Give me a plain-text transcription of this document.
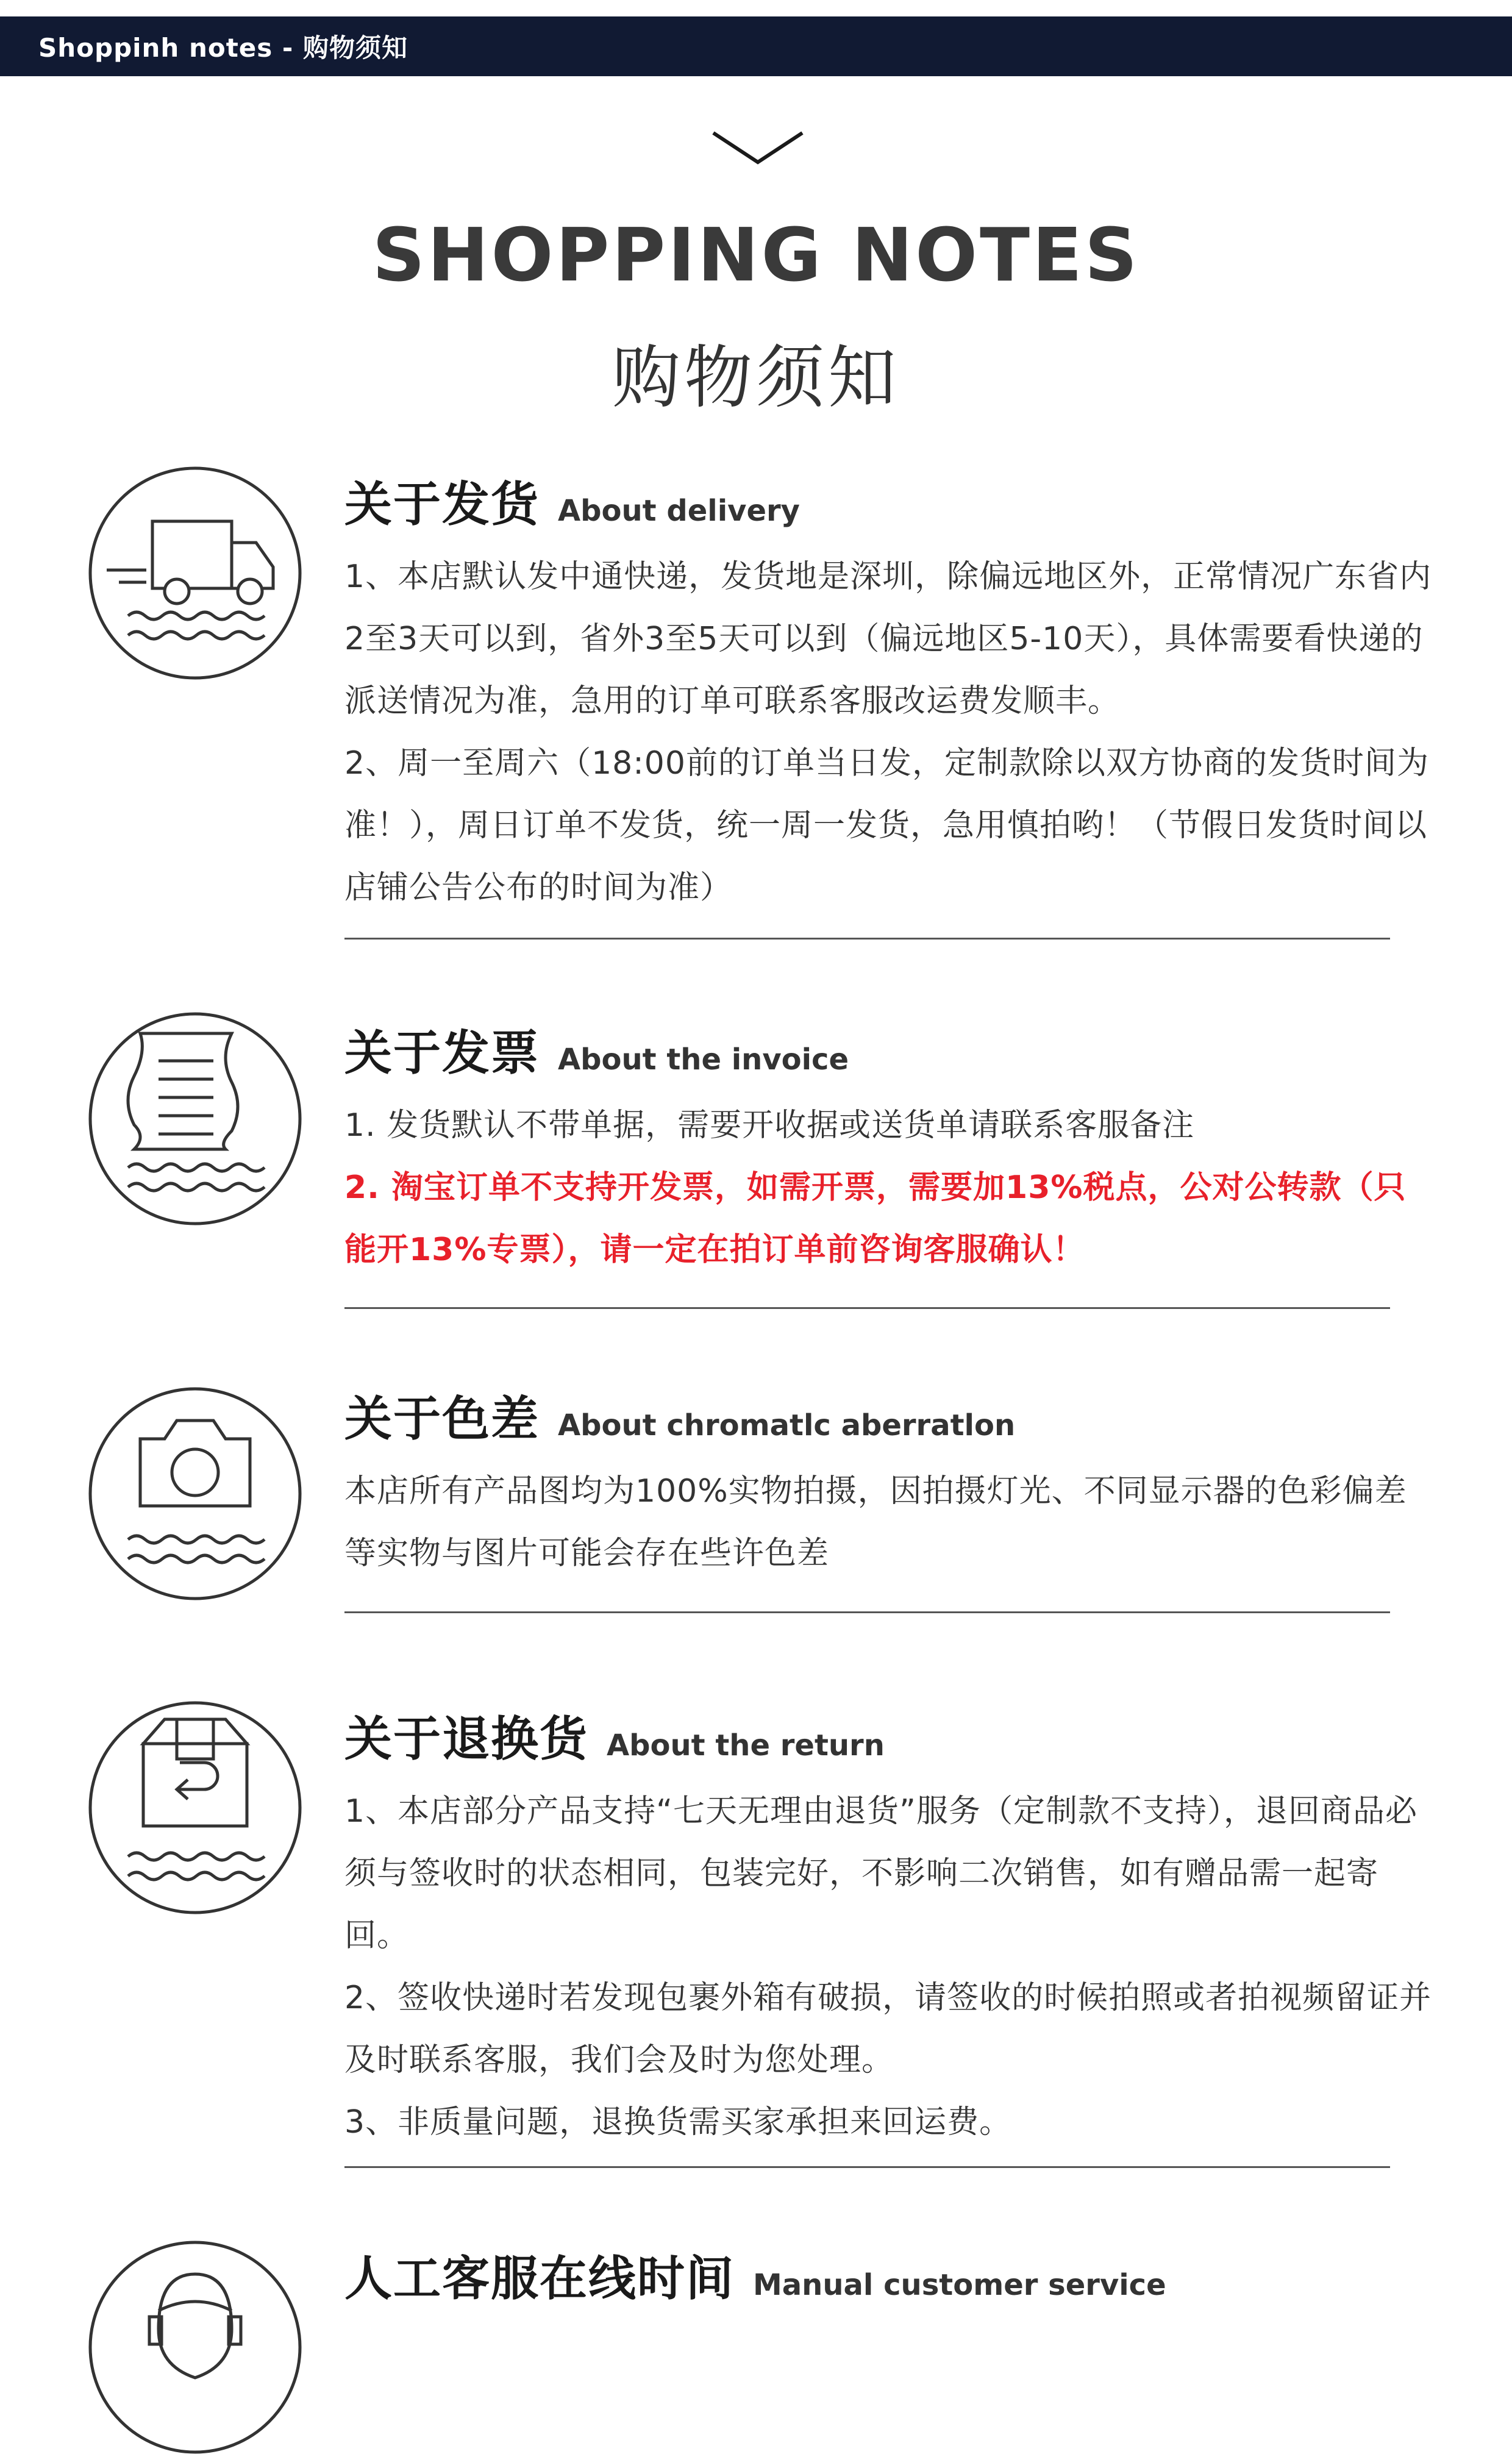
Shoppinh notes - 购物须知
SHOPPING NOTES
购物须知
关于发货 About delivery
1、本店默认发中通快递，发货地是深圳，除偏远地区外，正常情况广东省内2至3天可以到，省外3至5天可以到（偏远地区5-10天），具体需要看快递的派送情况为准，急用的订单可联系客服改运费发顺丰。
2、周一至周六（18:00前的订单当日发，定制款除以双方协商的发货时间为准！），周日订单不发货，统一周一发货，急用慎拍哟！（节假日发货时间以店铺公告公布的时间为准）
关于发票 About the invoice
1. 发货默认不带单据，需要开收据或送货单请联系客服备注
2. 淘宝订单不支持开发票，如需开票，需要加13%税点，公对公转款（只能开13%专票），请一定在拍订单前咨询客服确认！
关于色差 About chromatlc aberratlon
本店所有产品图均为100%实物拍摄，因拍摄灯光、不同显示器的色彩偏差等实物与图片可能会存在些许色差
关于退换货 About the return
1、本店部分产品支持“七天无理由退货”服务（定制款不支持），退回商品必须与签收时的状态相同，包装完好，不影响二次销售，如有赠品需一起寄回。
2、签收快递时若发现包裹外箱有破损，请签收的时候拍照或者拍视频留证并及时联系客服，我们会及时为您处理。
3、非质量问题，退换货需买家承担来回运费。
人工客服在线时间 Manual customer service
